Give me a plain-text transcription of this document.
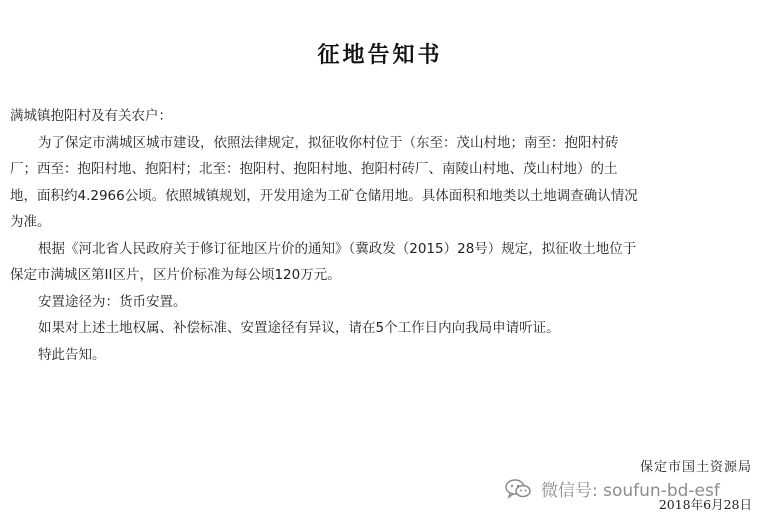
征地告知书
满城镇抱阳村及有关农户：
为了保定市满城区城市建设，依照法律规定，拟征收你村位于（东至：茂山村地；南至：抱阳村砖
厂；西至：抱阳村地、抱阳村；北至：抱阳村、抱阳村地、抱阳村砖厂、南陵山村地、茂山村地）的土
地，面积约4.2966公顷。依照城镇规划，开发用途为工矿仓储用地。具体面积和地类以土地调查确认情况
为准。
根据《河北省人民政府关于修订征地区片价的通知》（冀政发（2015）28号）规定，拟征收土地位于
保定市满城区第II区片，区片价标准为每公顷120万元。
安置途径为：货币安置。
如果对上述土地权属、补偿标准、安置途径有异议，请在5个工作日内向我局申请听证。
特此告知。
保定市国土资源局
微信号: soufun-bd-esf
2018年6月28日
